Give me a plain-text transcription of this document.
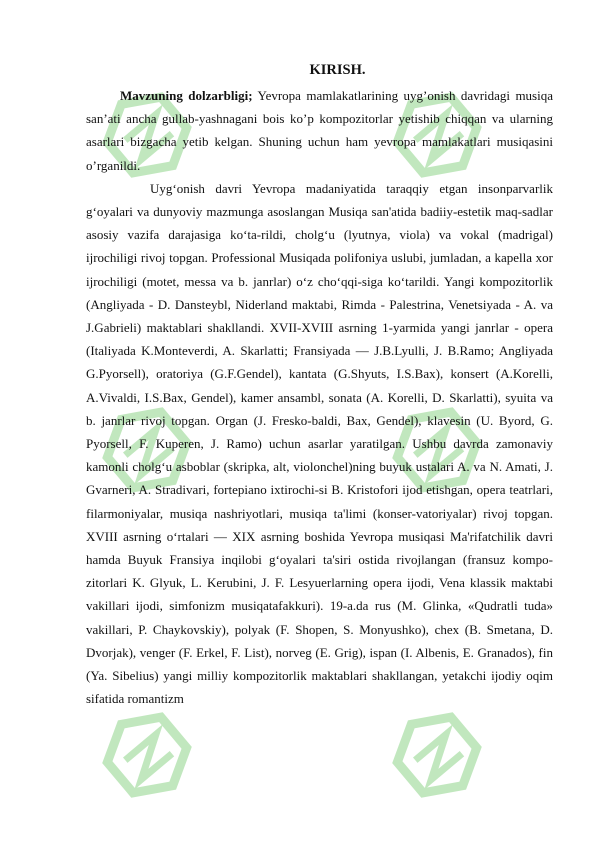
KIRISH.

Mavzuning dolzarbligi; Yevropa mamlakatlarining uyg’onish davridagi musiqa san’ati ancha gullab-yashnagani bois ko’p kompozitorlar yetishib chiqqan va ularning asarlari bizgacha yetib kelgan. Shuning uchun ham yevropa mamlakatlari musiqasini o’rganildi.

Uyg‘onish davri Yevropa madaniyatida taraqqiy etgan insonparvarlik g‘oyalari va dunyoviy mazmunga asoslangan Musiqa san'atida badiiy-estetik maq-sadlar asosiy vazifa darajasiga ko‘ta-rildi, cholg‘u (lyutnya, viola) va vokal (madrigal) ijrochiligi rivoj topgan. Professional Musiqada polifoniya uslubi, jumladan, a kapella xor ijrochiligi (motet, messa va b. janrlar) o‘z cho‘qqi-siga ko‘tarildi. Yangi kompozitorlik (Angliyada - D. Dansteybl, Niderland maktabi, Rimda - Palestrina, Venetsiyada - A. va J.Gabrieli) maktablari shakllandi. XVII-XVIII asrning 1-yarmida yangi janrlar - opera (Italiyada K.Monteverdi, A. Skarlatti; Fransiyada — J.B.Lyulli, J. B.Ramo; Angliyada G.Pyorsell), oratoriya (G.F.Gendel), kantata (G.Shyuts, I.S.Bax), konsert (A.Korelli, A.Vivaldi, I.S.Bax, Gendel), kamer ansambl, sonata (A. Korelli, D. Skarlatti), syuita va b. janrlar rivoj topgan. Organ (J. Fresko-baldi, Bax, Gendel), klavesin (U. Byord, G. Pyorsell, F. Kuperen, J. Ramo) uchun asarlar yaratilgan. Ushbu davrda zamonaviy kamonli cholg‘u asboblar (skripka, alt, violonchel)ning buyuk ustalari A. va N. Amati, J. Gvarneri, A. Stradivari, fortepiano ixtirochi-si B. Kristofori ijod etishgan, opera teatrlari, filarmoniyalar, musiqa nashriyotlari, musiqa ta'limi (konser-vatoriyalar) rivoj topgan. XVIII asrning o‘rtalari — XIX asrning boshida Yevropa musiqasi Ma'rifatchilik davri hamda Buyuk Fransiya inqilobi g‘oyalari ta'siri ostida rivojlangan (fransuz kompo-zitorlari K. Glyuk, L. Kerubini, J. F. Lesyuerlarning opera ijodi, Vena klassik maktabi vakillari ijodi, simfonizm musiqatafakkuri). 19-a.da rus (M. Glinka, «Qudratli tuda» vakillari, P. Chaykovskiy), polyak (F. Shopen, S. Monyushko), chex (B. Smetana, D. Dvorjak), venger (F. Erkel, F. List), norveg (E. Grig), ispan (I. Albenis, E. Granados), fin (Ya. Sibelius) yangi milliy kompozitorlik maktablari shakllangan, yetakchi ijodiy oqim sifatida romantizm
